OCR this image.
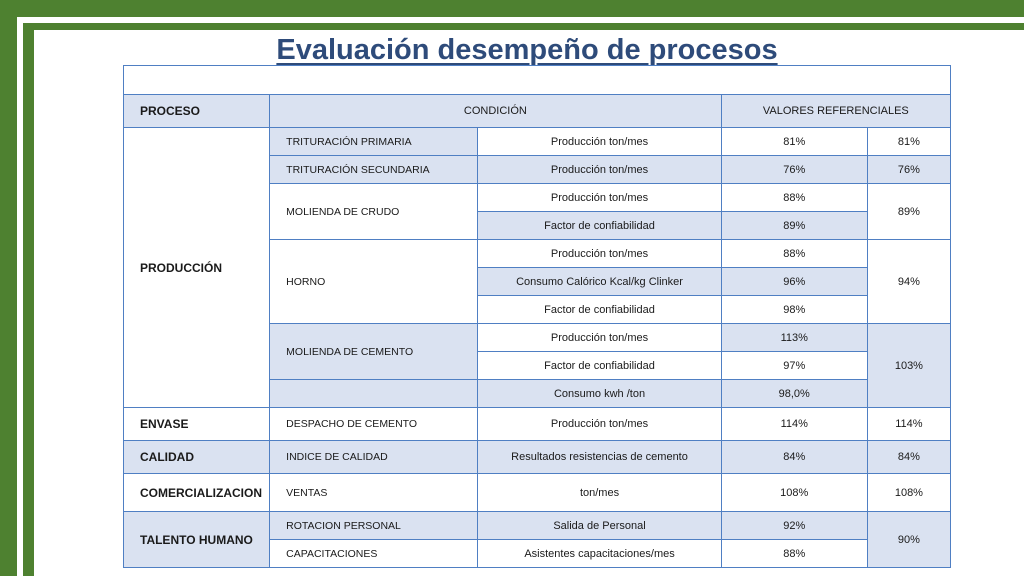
Evaluación desempeño de procesos

PROCESO	CONDICIÓN		VALORES REFERENCIALES	
PRODUCCIÓN	TRITURACIÓN PRIMARIA	Producción ton/mes	81%	81%
	TRITURACIÓN SECUNDARIA	Producción ton/mes	76%	76%
	MOLIENDA DE CRUDO	Producción ton/mes	88%	89%
		Factor de confiabilidad	89%	
	HORNO	Producción ton/mes	88%	94%
		Consumo Calórico Kcal/kg Clinker	96%	
		Factor de confiabilidad	98%	
	MOLIENDA DE CEMENTO	Producción ton/mes	113%	103%
		Factor de confiabilidad	97%	
		Consumo kwh /ton	98,0%	
ENVASE	DESPACHO DE CEMENTO	Producción ton/mes	114%	114%
CALIDAD	INDICE DE CALIDAD	Resultados resistencias de cemento	84%	84%
COMERCIALIZACION	VENTAS	ton/mes	108%	108%
TALENTO HUMANO	ROTACION PERSONAL	Salida de Personal	92%	90%
	CAPACITACIONES	Asistentes capacitaciones/mes	88%	
